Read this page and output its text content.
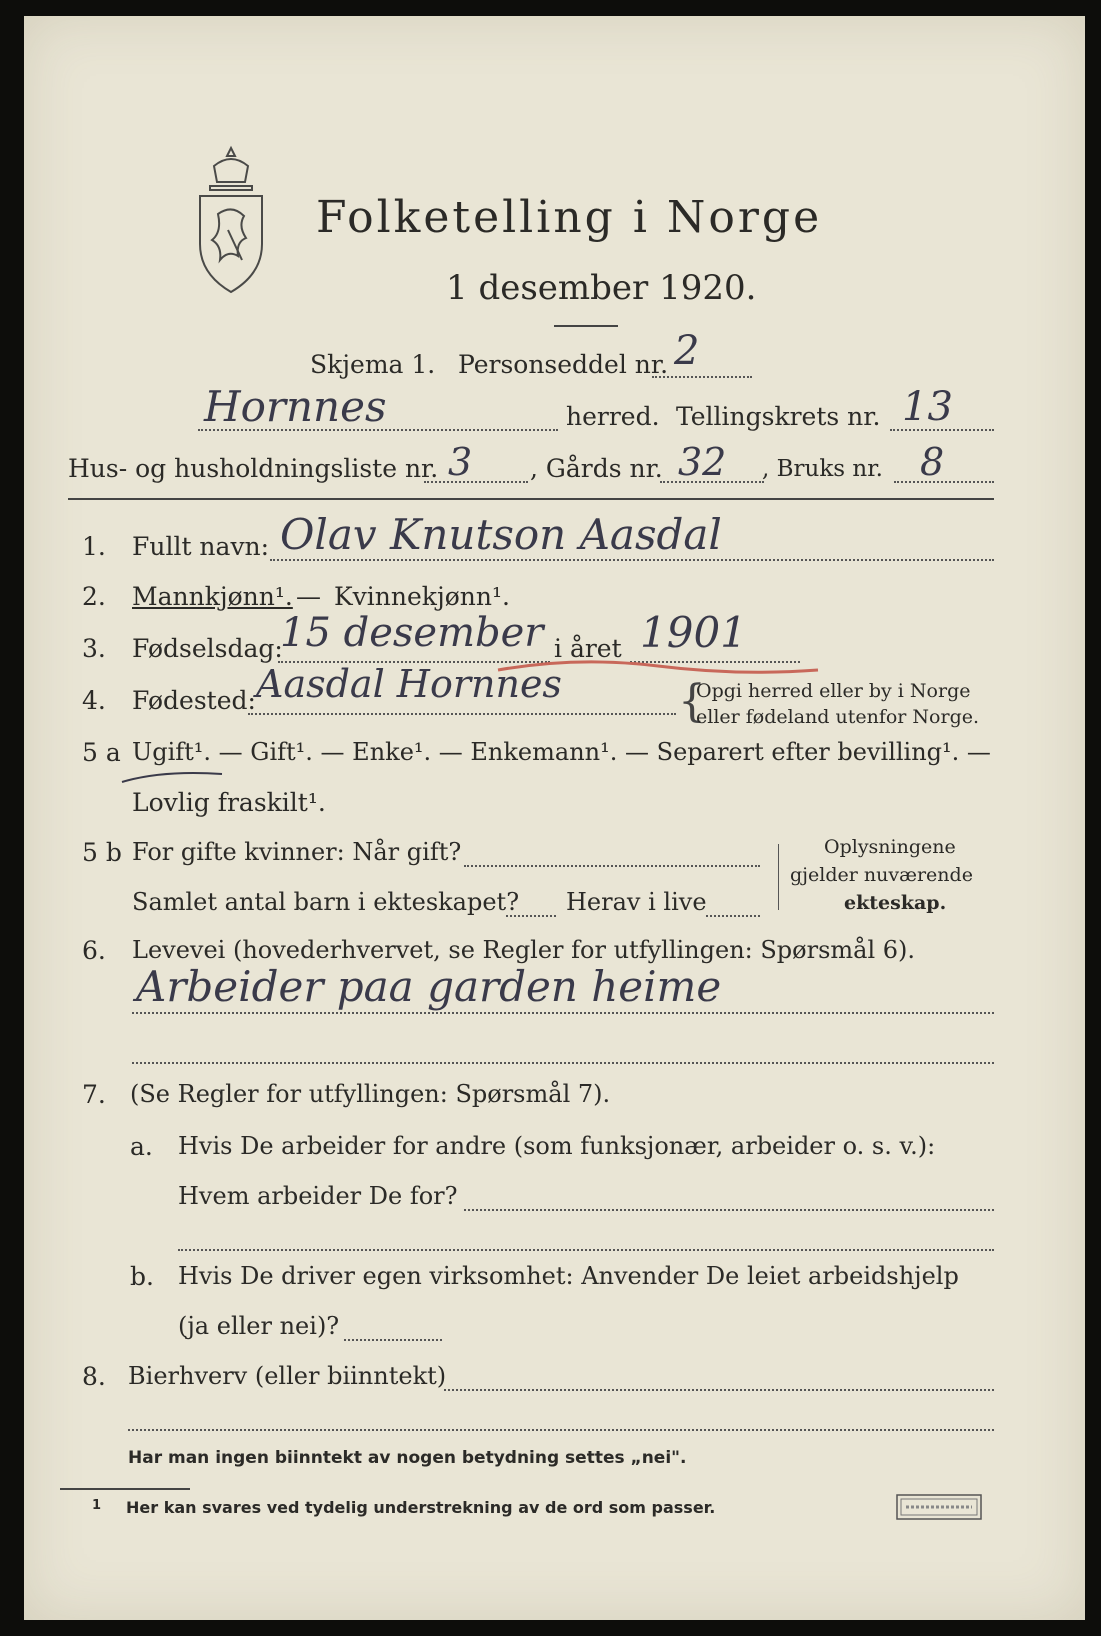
Folketelling i Norge
1 desember 1920.
Skjema 1. Personseddel nr. 2
Hornnes	herred. Tellingskrets nr. 13
Hus- og husholdningsliste nr. 3 , Gårds nr. 32 , Bruks nr. 8
1. Fullt navn: Olav Knutson Aasdal
2. Mannkjønn¹. — Kvinnekjønn¹.
3. Fødselsdag:
15 desember i året 1901
4. Fødested: Aasdal Hornnes	{
Opgi herred eller by i Norge
eller fødeland utenfor Norge.
5 a Ugift¹. — Gift¹. — Enke¹. — Enkemann¹. — Separert efter bevilling¹. —
Lovlig fraskilt¹.
5 b For gifte kvinner: Når gift?
Samlet antal barn i ekteskapet? Herav i live
Oplysningene
gjelder nuværende
ekteskap.
6. Levevei (hovederhvervet, se Regler for utfyllingen: Spørsmål 6).
Arbeider paa garden heime
7. (Se Regler for utfyllingen: Spørsmål 7).
a. Hvis De arbeider for andre (som funksjonær, arbeider o. s. v.):
Hvem arbeider De for?
b. Hvis De driver egen virksomhet: Anvender De leiet arbeidshjelp
(ja eller nei)?
8. Bierhverv (eller biinntekt)
Har man ingen biinntekt av nogen betydning settes „nei".
1 Her kan svares ved tydelig understrekning av de ord som passer.
